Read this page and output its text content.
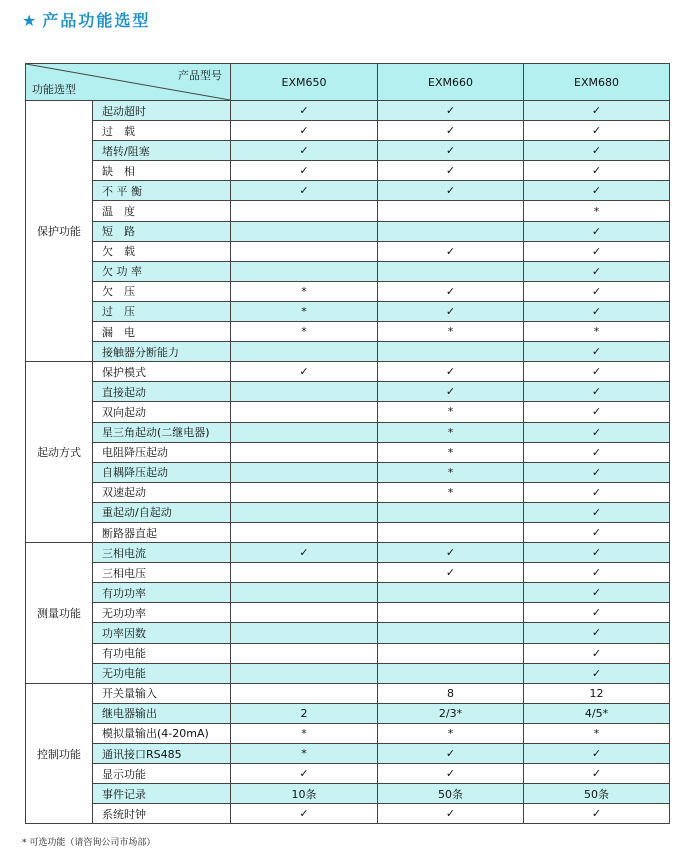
★ 产品功能选型
产品型号
功能选型		EXM650	EXM660	EXM680
保护功能	起动超时	✓	✓	✓
	过　载	✓	✓	✓
	堵转/阻塞	✓	✓	✓
	缺　相	✓	✓	✓
	不 平 衡	✓	✓	✓
	温　度			*
	短　路			✓
	欠　载		✓	✓
	欠 功 率			✓
	欠　压	*	✓	✓
	过　压	*	✓	✓
	漏　电	*	*	*
	接触器分断能力			✓
起动方式	保护模式	✓	✓	✓
	直接起动		✓	✓
	双向起动		*	✓
	星三角起动(二继电器)		*	✓
	电阻降压起动		*	✓
	自耦降压起动		*	✓
	双速起动		*	✓
	重起动/自起动			✓
	断路器直起			✓
测量功能	三相电流	✓	✓	✓
	三相电压		✓	✓
	有功功率			✓
	无功功率			✓
	功率因数			✓
	有功电能			✓
	无功电能			✓
控制功能	开关量输入		8	12
	继电器输出	2	2/3*	4/5*
	模拟量输出(4-20mA)	*	*	*
	通讯接口RS485	*	✓	✓
	显示功能	✓	✓	✓
	事件记录	10条	50条	50条
	系统时钟	✓	✓	✓
* 可选功能（请咨询公司市场部）
